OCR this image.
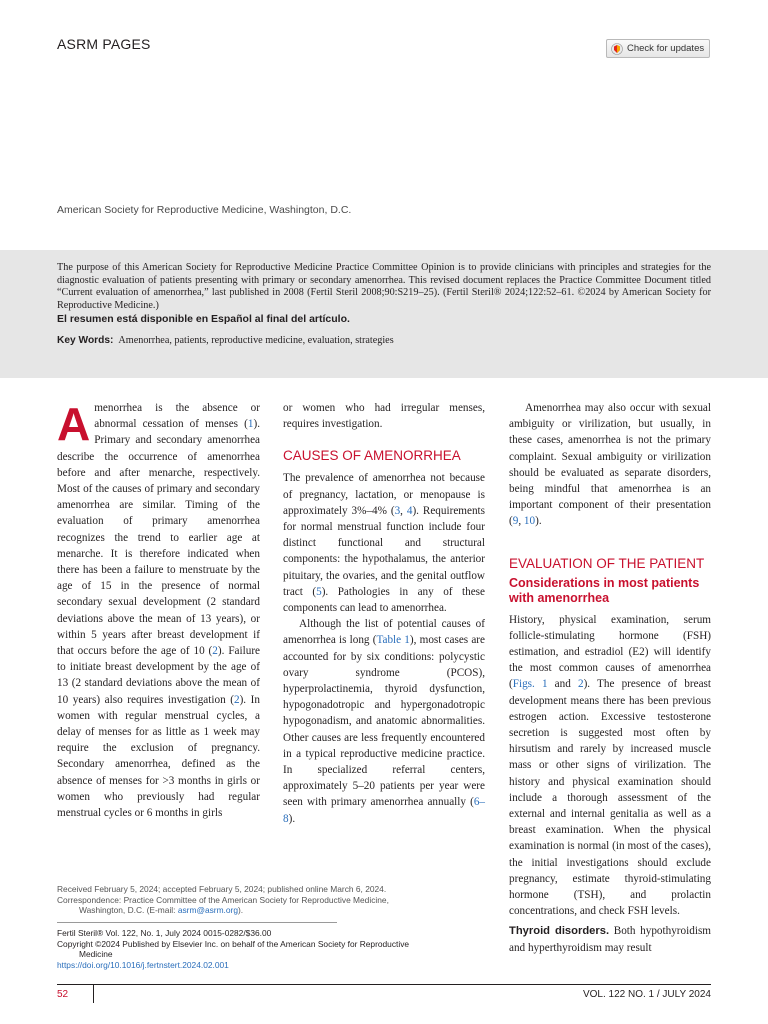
ASRM PAGES	Check for updates
American Society for Reproductive Medicine, Washington, D.C.
The purpose of this American Society for Reproductive Medicine Practice Committee Opinion is to provide clinicians with principles and strategies for the diagnostic evaluation of patients presenting with primary or secondary amenorrhea. This revised document replaces the Practice Committee Document titled “Current evaluation of amenorrhea,” last published in 2008 (Fertil Steril 2008;90:S219–25). (Fertil Steril® 2024;122:52–61. ©2024 by American Society for Reproductive Medicine.)
El resumen está disponible en Español al final del artículo.
Key Words: Amenorrhea, patients, reproductive medicine, evaluation, strategies

Amenorrhea is the absence or abnormal cessation of menses (1). Primary and secondary amenorrhea describe the occurrence of amenorrhea before and after menarche, respectively. Most of the causes of primary and secondary amenorrhea are similar. Timing of the evaluation of primary amenorrhea recognizes the trend to earlier age at menarche. It is therefore indicated when there has been a failure to menstruate by the age of 15 in the presence of normal secondary sexual development (2 standard deviations above the mean of 13 years), or within 5 years after breast development if that occurs before the age of 10 (2). Failure to initiate breast development by the age of 13 (2 standard deviations above the mean of 10 years) also requires investigation (2). In women with regular menstrual cycles, a delay of menses for as little as 1 week may require the exclusion of pregnancy. Secondary amenorrhea, defined as the absence of menses for >3 months in girls or women who previously had regular menstrual cycles or 6 months in girls

or women who had irregular menses, requires investigation.

CAUSES OF AMENORRHEA

The prevalence of amenorrhea not because of pregnancy, lactation, or menopause is approximately 3%–4% (3, 4). Requirements for normal menstrual function include four distinct functional and structural components: the hypothalamus, the anterior pituitary, the ovaries, and the genital outflow tract (5). Pathologies in any of these components can lead to amenorrhea.

Although the list of potential causes of amenorrhea is long (Table 1), most cases are accounted for by six conditions: polycystic ovary syndrome (PCOS), hyperprolactinemia, thyroid dysfunction, hypogonadotropic and hypergonadotropic hypogonadism, and anatomic abnormalities. Other causes are less frequently encountered in a typical reproductive medicine practice. In specialized referral centers, approximately 5–20 patients per year were seen with primary amenorrhea annually (6–8).

Amenorrhea may also occur with sexual ambiguity or virilization, but usually, in these cases, amenorrhea is not the primary complaint. Sexual ambiguity or virilization should be evaluated as separate disorders, being mindful that amenorrhea is an important component of their presentation (9, 10).

EVALUATION OF THE PATIENT
Considerations in most patients with amenorrhea

History, physical examination, serum follicle-stimulating hormone (FSH) estimation, and estradiol (E2) will identify the most common causes of amenorrhea (Figs. 1 and 2). The presence of breast development means there has been previous estrogen action. Excessive testosterone secretion is suggested most often by hirsutism and rarely by increased muscle mass or other signs of virilization. The history and physical examination should include a thorough assessment of the external and internal genitalia as well as a breast examination. When the physical examination is normal (in most of the cases), the initial investigations should exclude pregnancy, estimate thyroid-stimulating hormone (TSH), and prolactin concentrations, and check FSH levels.

Thyroid disorders. Both hypothyroidism and hyperthyroidism may result

Received February 5, 2024; accepted February 5, 2024; published online March 6, 2024.
Correspondence: Practice Committee of the American Society for Reproductive Medicine,
Washington, D.C. (E-mail: asrm@asrm.org).
Fertil Steril® Vol. 122, No. 1, July 2024 0015-0282/$36.00
Copyright ©2024 Published by Elsevier Inc. on behalf of the American Society for Reproductive
Medicine
https://doi.org/10.1016/j.fertnstert.2024.02.001
52	VOL. 122 NO. 1 / JULY 2024
